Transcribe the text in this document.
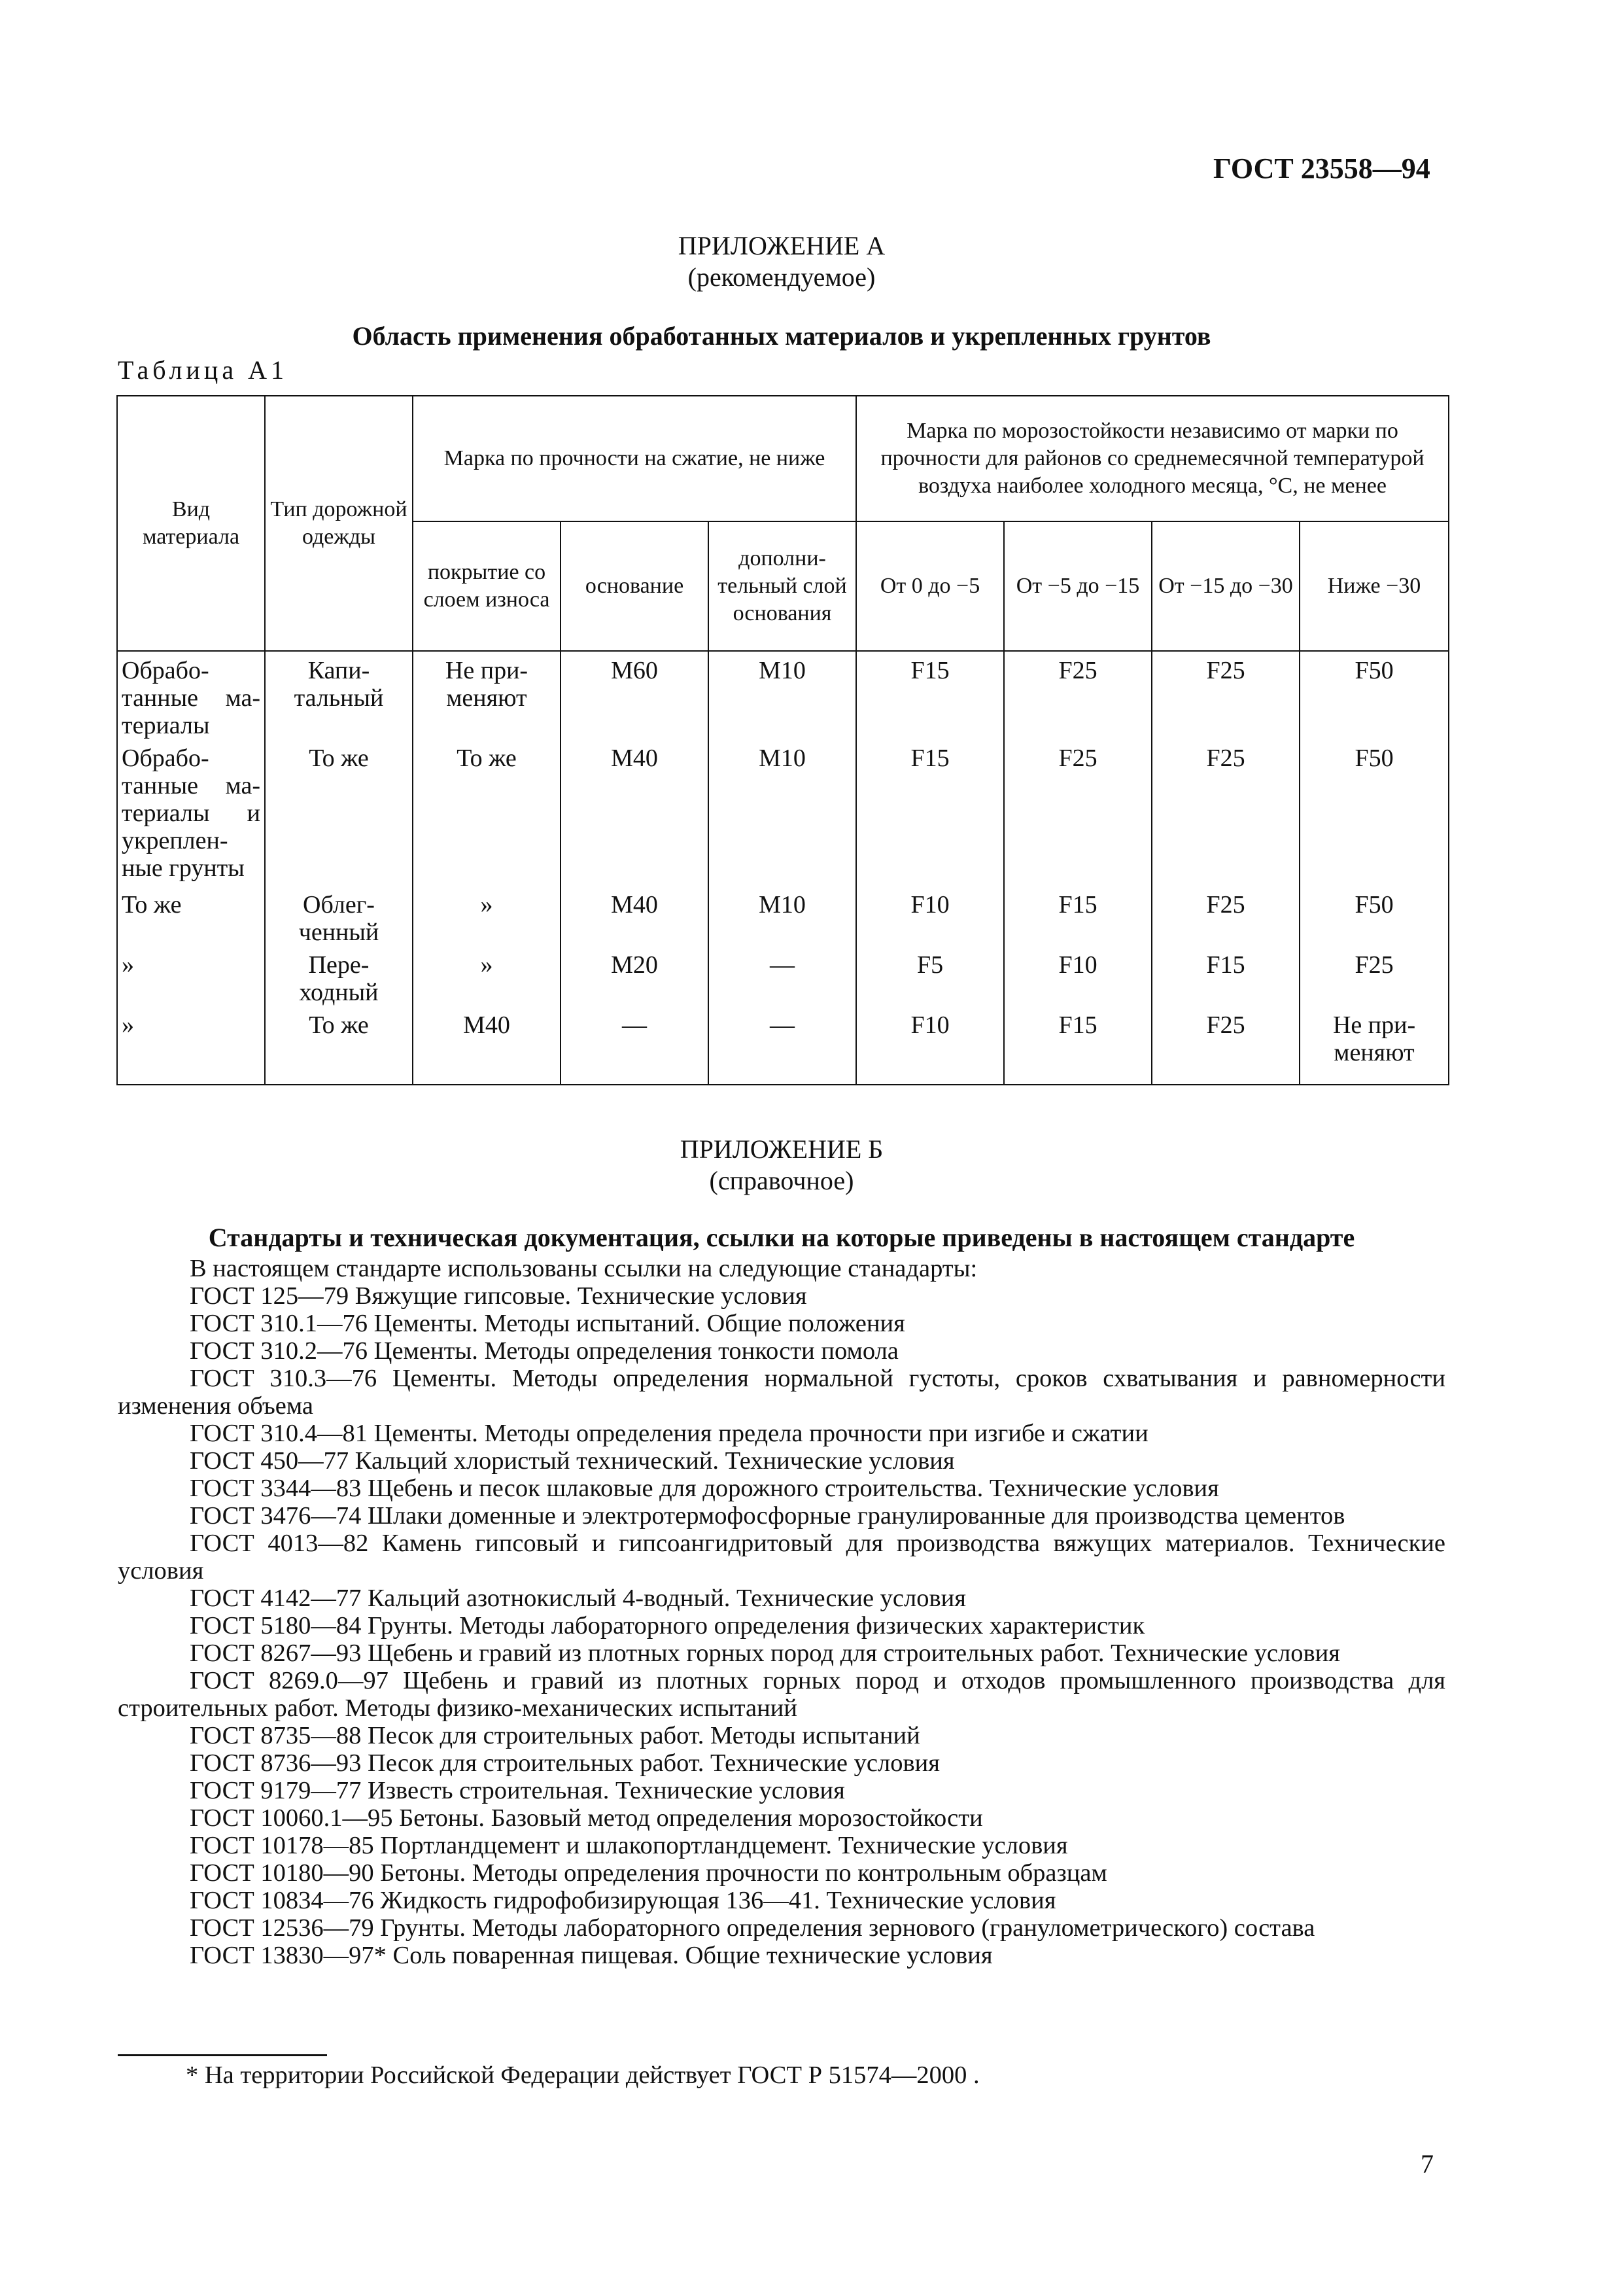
ГОСТ 23558—94
ПРИЛОЖЕНИЕ А
(рекомендуемое)
Область применения обработанных материалов и укрепленных грунтов
Таблица А1
Вид материала	Тип дорожной одежды	Марка по прочности на сжатие, не ниже			Марка по морозостойкости независимо от марки по прочности для районов со среднемесячной температурой воздуха наиболее холодного месяца, °С, не менее			
		покрытие со слоем износа	основание	дополни-тельный слой основания	От 0 до −5	От −5 до −15	От −15 до −30	Ниже −30
Обрабо-танные ма-териалы	Капи-тальный	Не при-меняют	М60	М10	F15	F25	F25	F50
Обрабо-танные ма-териалы и укреплен-ные грунты	То же	То же	М40	М10	F15	F25	F25	F50
То же	Облег-ченный	»	М40	М10	F10	F15	F25	F50
»	Пере-ходный	»	М20	—	F5	F10	F15	F25
»	То же	М40	—	—	F10	F15	F25	Не при-меняют
ПРИЛОЖЕНИЕ Б
(справочное)
Стандарты и техническая документация, ссылки на которые приведены в настоящем стандарте

В настоящем стандарте использованы ссылки на следующие станадарты:

ГОСТ 125—79 Вяжущие гипсовые. Технические условия

ГОСТ 310.1—76 Цементы. Методы испытаний. Общие положения

ГОСТ 310.2—76 Цементы. Методы определения тонкости помола

ГОСТ 310.3—76 Цементы. Методы определения нормальной густоты, сроков схватывания и равномерности изменения объема

ГОСТ 310.4—81 Цементы. Методы определения предела прочности при изгибе и сжатии

ГОСТ 450—77 Кальций хлористый технический. Технические условия

ГОСТ 3344—83 Щебень и песок шлаковые для дорожного строительства. Технические условия

ГОСТ 3476—74 Шлаки доменные и электротермофосфорные гранулированные для производства цементов

ГОСТ 4013—82 Камень гипсовый и гипсоангидритовый для производства вяжущих материалов. Технические условия

ГОСТ 4142—77 Кальций азотнокислый 4-водный. Технические условия

ГОСТ 5180—84 Грунты. Методы лабораторного определения физических характеристик

ГОСТ 8267—93 Щебень и гравий из плотных горных пород для строительных работ. Технические условия

ГОСТ 8269.0—97 Щебень и гравий из плотных горных пород и отходов промышленного производства для строительных работ. Методы физико-механических испытаний

ГОСТ 8735—88 Песок для строительных работ. Методы испытаний

ГОСТ 8736—93 Песок для строительных работ. Технические условия

ГОСТ 9179—77 Известь строительная. Технические условия

ГОСТ 10060.1—95 Бетоны. Базовый метод определения морозостойкости

ГОСТ 10178—85 Портландцемент и шлакопортландцемент. Технические условия

ГОСТ 10180—90 Бетоны. Методы определения прочности по контрольным образцам

ГОСТ 10834—76 Жидкость гидрофобизирующая 136—41. Технические условия

ГОСТ 12536—79 Грунты. Методы лабораторного определения зернового (гранулометрического) состава

ГОСТ 13830—97* Соль поваренная пищевая. Общие технические условия

* На территории Российской Федерации действует ГОСТ Р 51574—2000 .
7
